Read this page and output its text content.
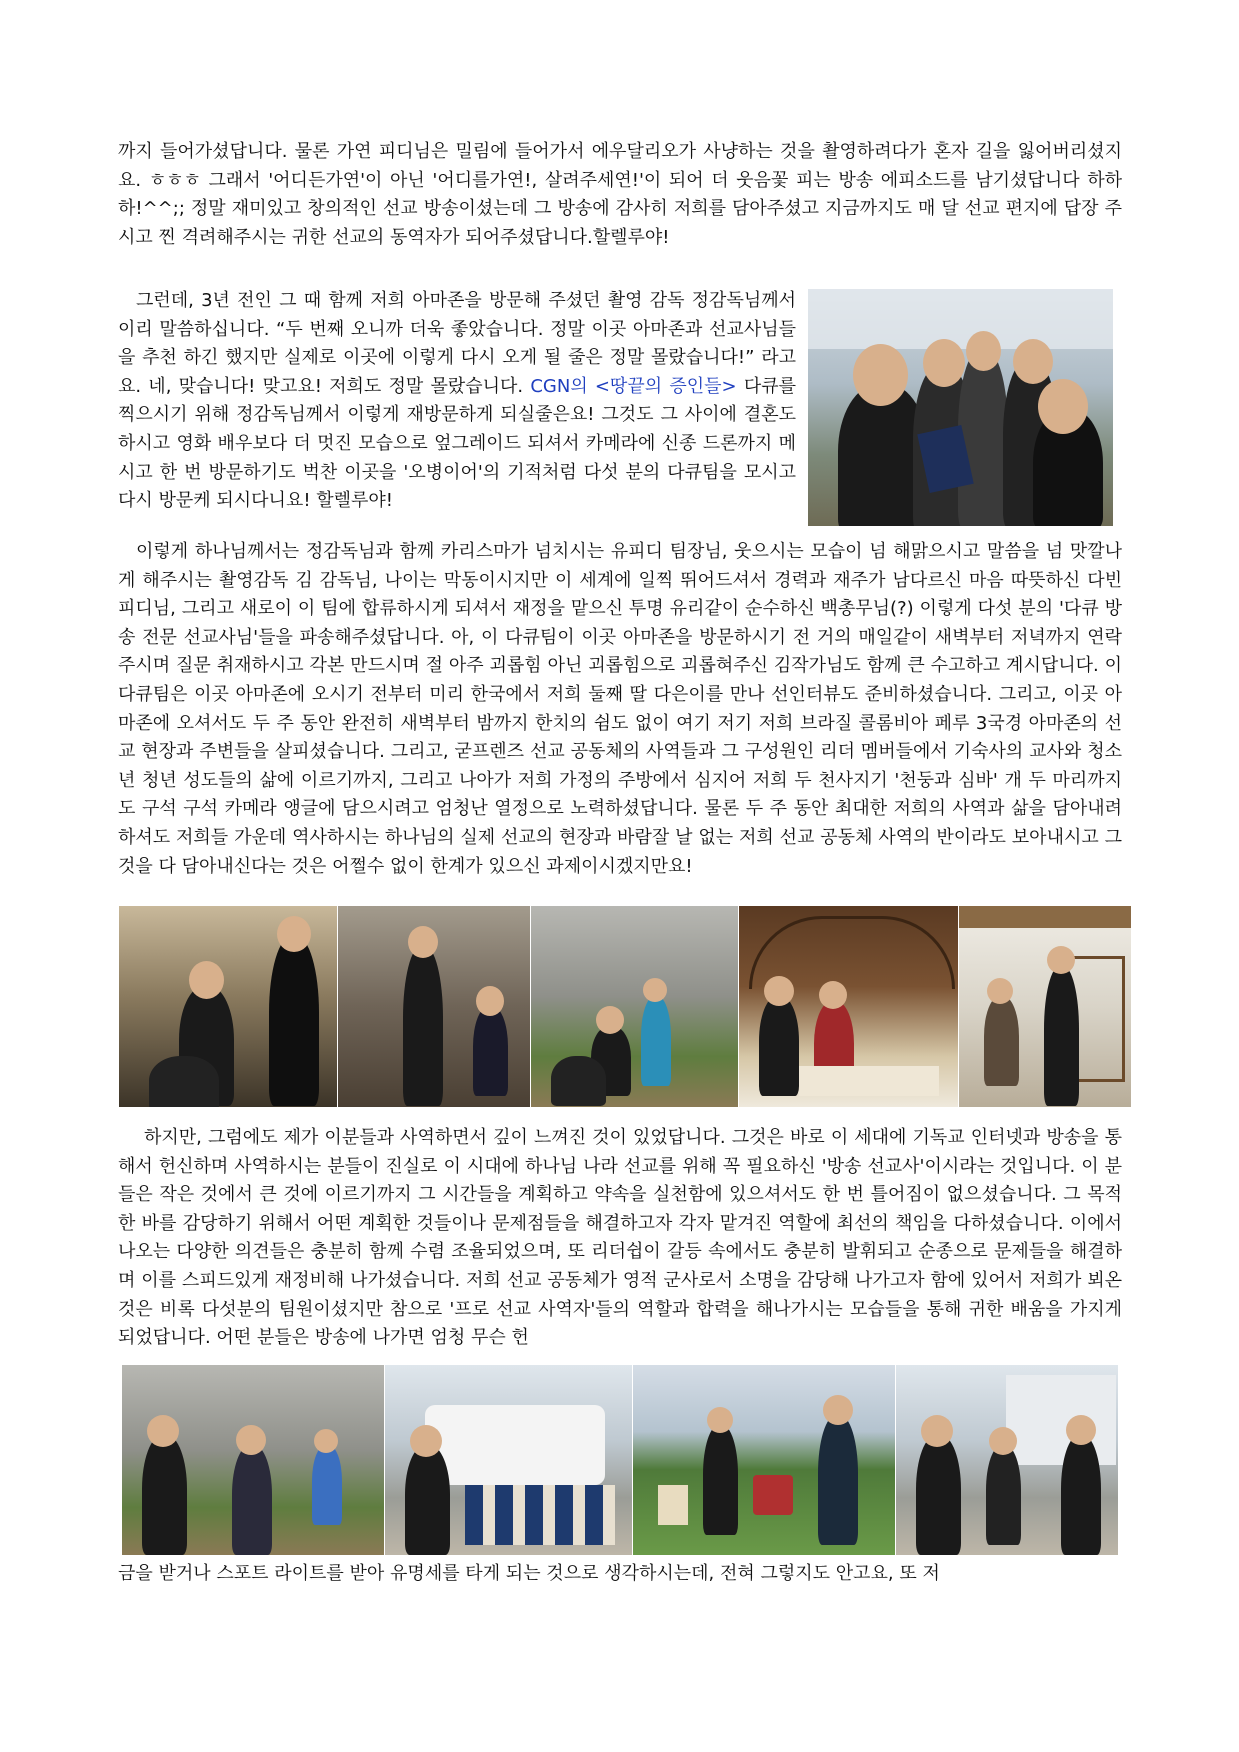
까지 들어가셨답니다. 물론 가연 피디님은 밀림에 들어가서 에우달리오가 사냥하는 것을 촬영하려다가 혼자 길을 잃어버리셨지요. ㅎㅎㅎ 그래서 '어디든가연'이 아닌 '어디를가연!, 살려주세연!'이 되어 더 웃음꽃 피는 방송 에피소드를 남기셨답니다 하하하!^^;; 정말 재미있고 창의적인 선교 방송이셨는데 그 방송에 감사히 저희를 담아주셨고 지금까지도 매 달 선교 편지에 답장 주시고 찐 격려해주시는 귀한 선교의 동역자가 되어주셨답니다.할렐루야!

그런데, 3년 전인 그 때 함께 저희 아마존을 방문해 주셨던 촬영 감독 정감독님께서 이리 말씀하십니다. “두 번째 오니까 더욱 좋았습니다. 정말 이곳 아마존과 선교사님들을 추천 하긴 했지만 실제로 이곳에 이렇게 다시 오게 될 줄은 정말 몰랐습니다!” 라고요. 네, 맞습니다! 맞고요! 저희도 정말 몰랐습니다. CGN의 <땅끝의 증인들> 다큐를 찍으시기 위해 정감독님께서 이렇게 재방문하게 되실줄은요! 그것도 그 사이에 결혼도 하시고 영화 배우보다 더 멋진 모습으로 엎그레이드 되셔서 카메라에 신종 드론까지 메시고 한 번 방문하기도 벅찬 이곳을 '오병이어'의 기적처럼 다섯 분의 다큐팀을 모시고 다시 방문케 되시다니요! 할렐루야!

이렇게 하나님께서는 정감독님과 함께 카리스마가 넘치시는 유피디 팀장님, 웃으시는 모습이 넘 해맑으시고 말씀을 넘 맛깔나게 해주시는 촬영감독 김 감독님, 나이는 막동이시지만 이 세계에 일찍 뛰어드셔서 경력과 재주가 남다르신 마음 따뜻하신 다빈 피디님, 그리고 새로이 이 팀에 합류하시게 되셔서 재정을 맡으신 투명 유리같이 순수하신 백총무님(?) 이렇게 다섯 분의 '다큐 방송 전문 선교사님'들을 파송해주셨답니다. 아, 이 다큐팀이 이곳 아마존을 방문하시기 전 거의 매일같이 새벽부터 저녁까지 연락주시며 질문 취재하시고 각본 만드시며 절 아주 괴롭힘 아닌 괴롭힘으로 괴롭혀주신 김작가님도 함께 큰 수고하고 계시답니다. 이 다큐팀은 이곳 아마존에 오시기 전부터 미리 한국에서 저희 둘째 딸 다은이를 만나 선인터뷰도 준비하셨습니다. 그리고, 이곳 아마존에 오셔서도 두 주 동안 완전히 새벽부터 밤까지 한치의 쉼도 없이 여기 저기 저희 브라질 콜롬비아 페루 3국경 아마존의 선교 현장과 주변들을 살피셨습니다. 그리고, 굳프렌즈 선교 공동체의 사역들과 그 구성원인 리더 멤버들에서 기숙사의 교사와 청소년 청년 성도들의 삶에 이르기까지, 그리고 나아가 저희 가정의 주방에서 심지어 저희 두 천사지기 '천둥과 심바' 개 두 마리까지도 구석 구석 카메라 앵글에 담으시려고 엄청난 열정으로 노력하셨답니다. 물론 두 주 동안 최대한 저희의 사역과 삶을 담아내려 하셔도 저희들 가운데 역사하시는 하나님의 실제 선교의 현장과 바람잘 날 없는 저희 선교 공동체 사역의 반이라도 보아내시고 그것을 다 담아내신다는 것은 어쩔수 없이 한계가 있으신 과제이시겠지만요!

하지만, 그럼에도 제가 이분들과 사역하면서 깊이 느껴진 것이 있었답니다. 그것은 바로 이 세대에 기독교 인터넷과 방송을 통해서 헌신하며 사역하시는 분들이 진실로 이 시대에 하나님 나라 선교를 위해 꼭 필요하신 '방송 선교사'이시라는 것입니다. 이 분들은 작은 것에서 큰 것에 이르기까지 그 시간들을 계획하고 약속을 실천함에 있으셔서도 한 번 틀어짐이 없으셨습니다. 그 목적한 바를 감당하기 위해서 어떤 계획한 것들이나 문제점들을 해결하고자 각자 맡겨진 역할에 최선의 책임을 다하셨습니다. 이에서 나오는 다양한 의견들은 충분히 함께 수렴 조율되었으며, 또 리더쉽이 갈등 속에서도 충분히 발휘되고 순종으로 문제들을 해결하며 이를 스피드있게 재정비해 나가셨습니다. 저희 선교 공동체가 영적 군사로서 소명을 감당해 나가고자 함에 있어서 저희가 뵈온 것은 비록 다섯분의 팀원이셨지만 참으로 '프로 선교 사역자'들의 역할과 합력을 해나가시는 모습들을 통해 귀한 배움을 가지게 되었답니다. 어떤 분들은 방송에 나가면 엄청 무슨 헌

금을 받거나 스포트 라이트를 받아 유명세를 타게 되는 것으로 생각하시는데, 전혀 그렇지도 안고요, 또 저
